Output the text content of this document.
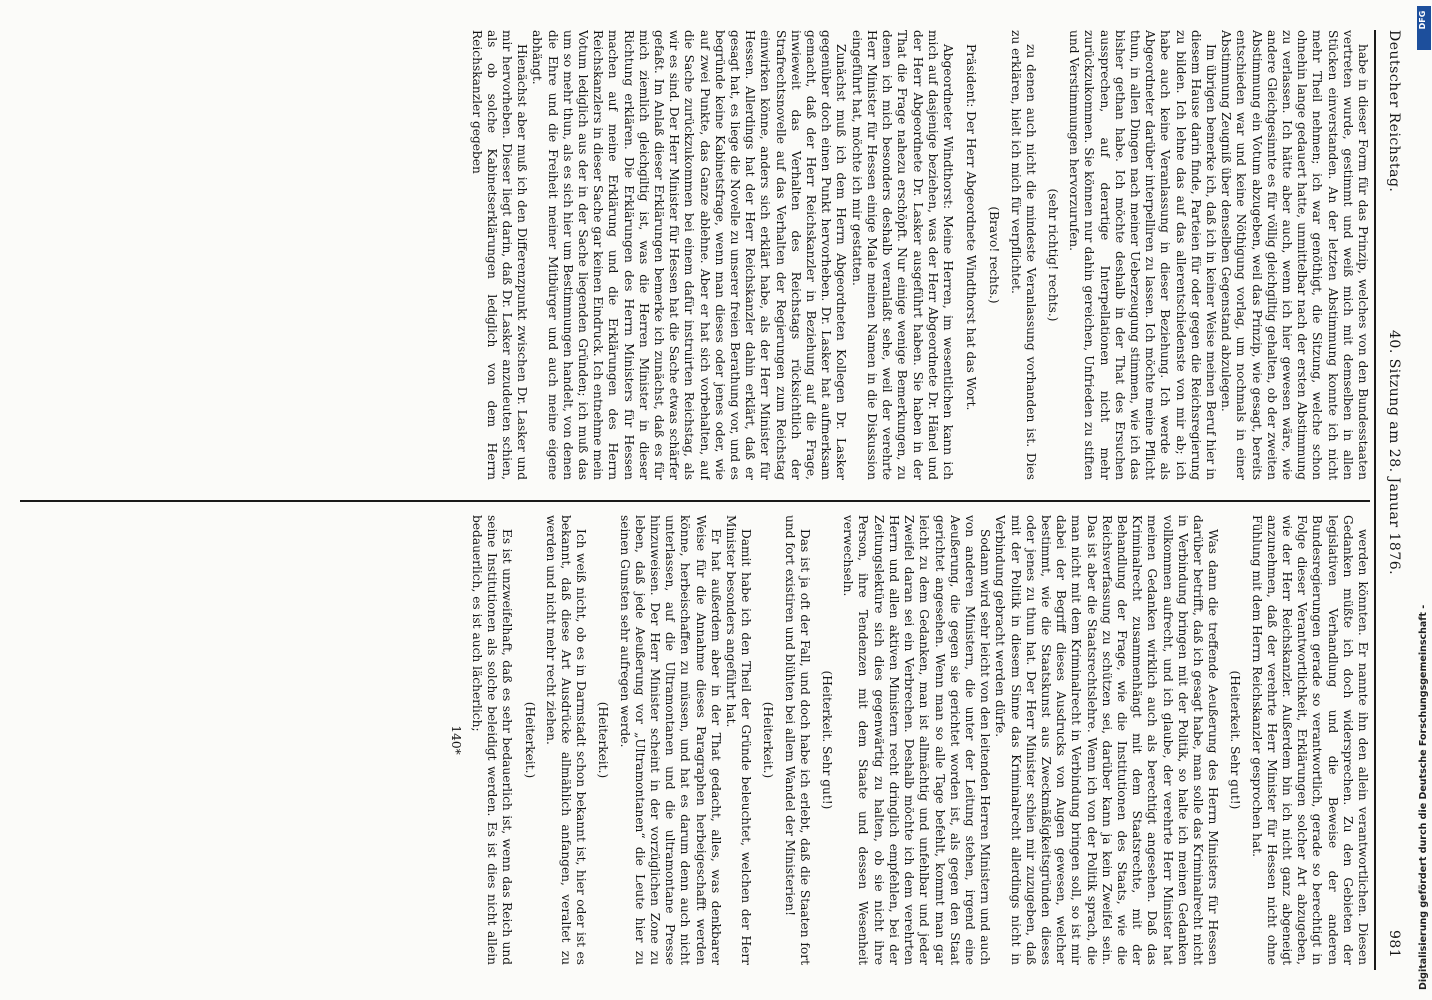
Deutscher Reichstag.
40. Sitzung am 28. Januar 1876.
981

habe in dieser Form für das Prinzip, welches von den Bundesstaaten vertreten wurde, gestimmt und weiß mich mit demselben in allen Stücken einverstanden. An der letzten Abstimmung konnte ich nicht mehr Theil nehmen; ich war genöthigt, die Sitzung, welche schon ohnehin lange gedauert hatte, unmittelbar nach der ersten Abstimmung zu verlassen. Ich hätte aber auch, wenn ich hier gewesen wäre, wie andere Gleichgesinnte es für völlig gleichgiltig gehalten, ob der zweiten Abstimmung ein Votum abzugeben, weil das Prinzip, wie gesagt, bereits entschieden war und keine Nöthigung vorlag, um nochmals in einer Abstimmung Zeugniß über denselben Gegenstand abzulegen.

Im übrigen bemerke ich, daß ich in keiner Weise meinen Beruf hier in diesem Hause darin finde, Parteien für oder gegen die Reichsregierung zu bilden. Ich lehne das auf das allerentschiedenste von mir ab; ich habe auch keine Veranlassung in dieser Beziehung. Ich werde als Abgeordneter darüber interpelliren zu lassen. Ich möchte meine Pflicht thun, in allen Dingen nach meiner Ueberzeugung stimmen, wie ich das bisher gethan habe. Ich möchte deshalb in der That des Ersuchen aussprechen, auf derartige Interpellationen nicht mehr zurückzukommen. Sie können nur dahin gereichen, Unfrieden zu stiften und Verstimmungen hervorzurufen.

(sehr richtig! rechts.)

zu denen auch nicht die mindeste Veranlassung vorhanden ist. Dies zu erklären, hielt ich mich für verpflichtet.

(Bravo! rechts.)

Präsident: Der Herr Abgeordnete Windthorst hat das Wort.

Abgeordneter Windthorst: Meine Herren, im wesentlichen kann ich mich auf dasjenige beziehen, was der Herr Abgeordnete Dr. Hänel und der Herr Abgeordnete Dr. Lasker ausgeführt haben. Sie haben in der That die Frage nahezu erschöpft. Nur einige wenige Bemerkungen, zu denen ich mich besonders deshalb veranlaßt sehe, weil der verehrte Herr Minister für Hessen einige Male meinen Namen in die Diskussion eingeführt hat, möchte ich mir gestatten.

Zunächst muß ich dem Herrn Abgeordneten Kollegen Dr. Lasker gegenüber doch einen Punkt hervorheben. Dr. Lasker hat aufmerksam gemacht, daß der Herr Reichskanzler in Beziehung auf die Frage, inwieweit das Verhalten des Reichstags rücksichtlich der Strafrechtsnovelle auf das Verhalten der Regierungen zum Reichstag einwirken könne, anders sich erklärt habe, als der Herr Minister für Hessen. Allerdings hat der Herr Reichskanzler dahin erklärt, daß er gesagt hat, es liege die Novelle zu unserer freien Berathung vor, und es begründe keine Kabinetsfrage, wenn man dieses oder jenes oder, wie auf zwei Punkte, das Ganze ablehne. Aber er hat sich vorbehalten, auf die Sache zurückzukommen bei einem dafür instruirten Reichstag, als wir es sind. Der Herr Minister für Hessen hat die Sache etwas schärfer gefaßt. Im Anlaß dieser Erklärungen bemerke ich zunächst, daß es für mich ziemlich gleichgiltig ist, was die Herren Minister in dieser Richtung erklären. Die Erklärungen des Herrn Ministers für Hessen machen auf meine Erklärung und die Erklärungen des Herrn Reichskanzlers in dieser Sache gar keinen Eindruck. Ich entnehme mein Votum lediglich aus der in der Sache liegenden Gründen; ich muß das um so mehr thun, als es sich hier um Bestimmungen handelt, von denen die Ehre und die Freiheit meiner Mitbürger und auch meine eigene abhängt.

Hienächst aber muß ich den Differenzpunkt zwischen Dr. Lasker und mir hervorheben. Dieser liegt darin, daß Dr. Lasker anzudeuten schien, als ob solche Kabinetserklärungen lediglich von dem Herrn Reichskanzler gegeben

werden könnten. Er nannte ihn den allein verantwortlichen. Diesen Gedanken müßte ich doch widersprechen. Zu den Gebieten der legislativen Verhandlung und die Beweise der anderen Bundesregierungen gerade so verantwortlich, gerade so berechtigt in Folge dieser Verantwortlichkeit, Erklärungen solcher Art abzugeben, wie der Herr Reichskanzler. Außerdem bin ich nicht ganz abgeneigt anzunehmen, daß der verehrte Herr Minister für Hessen nicht ohne Fühlung mit dem Herrn Reichskanzler gesprochen hat.

(Heiterkeit. Sehr gut!)

Was dann die treffende Aeußerung des Herrn Ministers für Hessen darüber betrifft, daß ich gesagt habe, man solle das Kriminalrecht nicht in Verbindung bringen mit der Politik, so halte ich meinen Gedanken vollkommen aufrecht, und ich glaube, der verehrte Herr Minister hat meinen Gedanken wirklich auch als berechtigt angesehen. Daß das Kriminalrecht zusammenhängt mit dem Staatsrechte, mit der Behandlung der Frage, wie die Institutionen des Staats, wie die Reichsverfassung zu schützen sei, darüber kann ja kein Zweifel sein. Das ist aber die Staatsrechtslehre. Wenn ich von der Politik sprach, die man nicht mit dem Kriminalrecht in Verbindung bringen soll, so ist mir dabei der Begriff dieses Ausdrucks von Augen gewesen, welcher bestimmt, wie die Staatskunst aus Zweckmäßigkeitsgründen dieses oder jenes zu thun hat. Der Herr Minister schien mir zuzugeben, daß mit der Politik in diesem Sinne das Kriminalrecht allerdings nicht in Verbindung gebracht werden dürfe.

Sodann wird sehr leicht von den leitenden Herren Ministern und auch von anderen Ministern, die unter der Leitung stehen, irgend eine Aeußerung, die gegen sie gerichtet worden ist, als gegen den Staat gerichtet angesehen. Wenn man so alle Tage befehlt, kommt man gar leicht zu dem Gedanken, man ist allmächtig und unfehlbar und jeder Zweifel daran sei ein Verbrechen. Deshalb möchte ich dem verehrten Herrn und allen aktiven Ministern recht dringlich empfehlen, bei der Zeitungslektüre sich dies gegenwärtig zu halten, ob sie nicht ihre Person, ihre Tendenzen mit dem Staate und dessen Wesenheit verwechseln.

(Heiterkeit. Sehr gut!)

Das ist ja oft der Fall, und doch habe ich erlebt, daß die Staaten fort und fort existiren und blühten bei allem Wandel der Ministerien!

(Heiterkeit.)

Damit habe ich den Theil der Gründe beleuchtet, welchen der Herr Minister besonders angeführt hat.

Er hat außerdem aber in der That gedacht, alles, was denkbarer Weise für die Annahme dieses Paragraphen herbeigeschafft werden könne, herbeischaffen zu müssen, und hat es darum denn auch nicht unterlassen, auf die Ultramontanen und die ultramontane Presse hinzuweisen. Der Herr Minister scheint in der vorzüglichen Zone zu leben, daß jede Aeußerung vor „Ultramontanen“ die Leute hier zu seinen Gunsten sehr aufregen werde.

(Heiterkeit.)

Ich weiß nicht, ob es in Darmstadt schon bekannt ist, hier oder ist es bekannt, daß diese Art Ausdrücke allmählich anfangen, veraltet zu werden und nicht mehr recht ziehen.

(Heiterkeit.)

Es ist unzweifelhaft, daß es sehr bedauerlich ist, wenn das Reich und seine Institutionen als solche beleidigt werden. Es ist dies nicht allein bedauerlich, es ist auch lächerlich;

140*	Digitalisierung gefördert durch die Deutsche Forschungsgemeinschaft -
DFG
